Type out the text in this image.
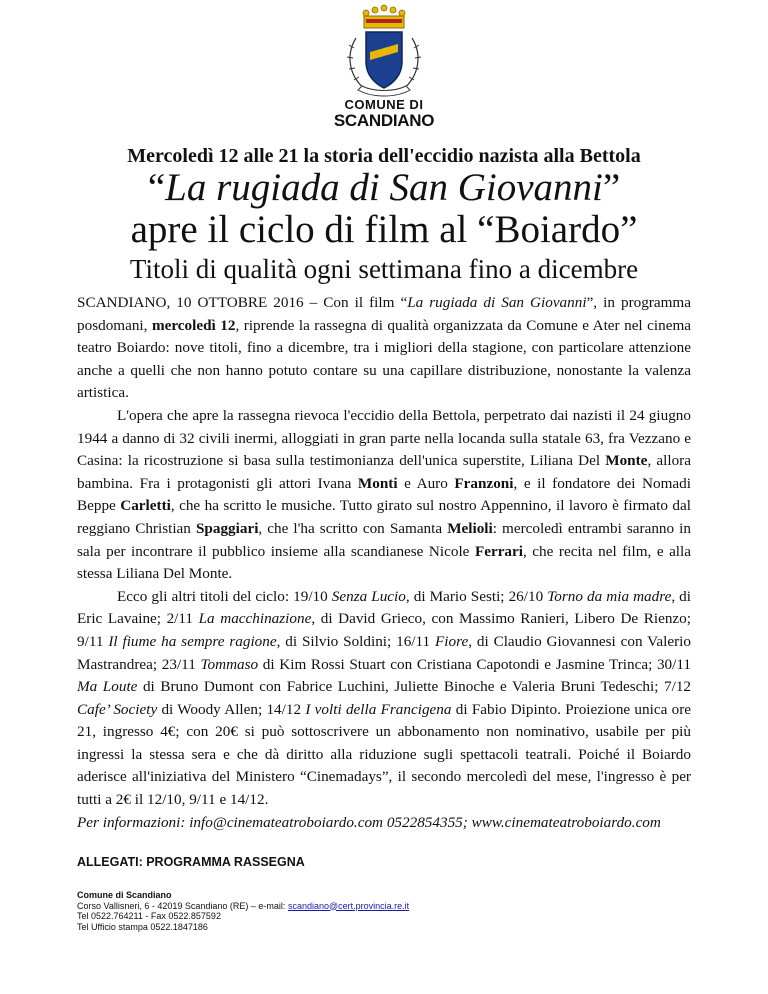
COMUNE DI
SCANDIANO
Mercoledì 12 alle 21 la storia dell'eccidio nazista alla Bettola
“La rugiada di San Giovanni”
apre il ciclo di film al “Boiardo”
Titoli di qualità ogni settimana fino a dicembre

SCANDIANO, 10 OTTOBRE 2016 – Con il film “La rugiada di San Giovanni”, in programma posdomani, mercoledì 12, riprende la rassegna di qualità organizzata da Comune e Ater nel cinema teatro Boiardo: nove titoli, fino a dicembre, tra i migliori della stagione, con particolare attenzione anche a quelli che non hanno potuto contare su una capillare distribuzione, nonostante la valenza artistica.

L'opera che apre la rassegna rievoca l'eccidio della Bettola, perpetrato dai nazisti il 24 giugno 1944 a danno di 32 civili inermi, alloggiati in gran parte nella locanda sulla statale 63, fra Vezzano e Casina: la ricostruzione si basa sulla testimonianza dell'unica superstite, Liliana Del Monte, allora bambina. Fra i protagonisti gli attori Ivana Monti e Auro Franzoni, e il fondatore dei Nomadi Beppe Carletti, che ha scritto le musiche. Tutto girato sul nostro Appennino, il lavoro è firmato dal reggiano Christian Spaggiari, che l'ha scritto con Samanta Melioli: mercoledì entrambi saranno in sala per incontrare il pubblico insieme alla scandianese Nicole Ferrari, che recita nel film, e alla stessa Liliana Del Monte.

Ecco gli altri titoli del ciclo: 19/10 Senza Lucio, di Mario Sesti; 26/10 Torno da mia madre, di Eric Lavaine; 2/11 La macchinazione, di David Grieco, con Massimo Ranieri, Libero De Rienzo; 9/11 Il fiume ha sempre ragione, di Silvio Soldini; 16/11 Fiore, di Claudio Giovannesi con Valerio Mastrandrea; 23/11 Tommaso di Kim Rossi Stuart con Cristiana Capotondi e Jasmine Trinca; 30/11 Ma Loute di Bruno Dumont con Fabrice Luchini, Juliette Binoche e Valeria Bruni Tedeschi; 7/12 Cafe’ Society di Woody Allen; 14/12 I volti della Francigena di Fabio Dipinto. Proiezione unica ore 21, ingresso 4€; con 20€ si può sottoscrivere un abbonamento non nominativo, usabile per più ingressi la stessa sera e che dà diritto alla riduzione sugli spettacoli teatrali. Poiché il Boiardo aderisce all'iniziativa del Ministero “Cinemadays”, il secondo mercoledì del mese, l'ingresso è per tutti a 2€ il 12/10, 9/11 e 14/12.

Per informazioni: info@cinemateatroboiardo.com 0522854355; www.cinemateatroboiardo.com

ALLEGATI: PROGRAMMA RASSEGNA
Comune di Scandiano
Corso Vallisneri, 6 - 42019 Scandiano (RE) – e-mail: scandiano@cert.provincia.re.it
Tel 0522.764211 - Fax 0522.857592
Tel Ufficio stampa 0522.1847186
